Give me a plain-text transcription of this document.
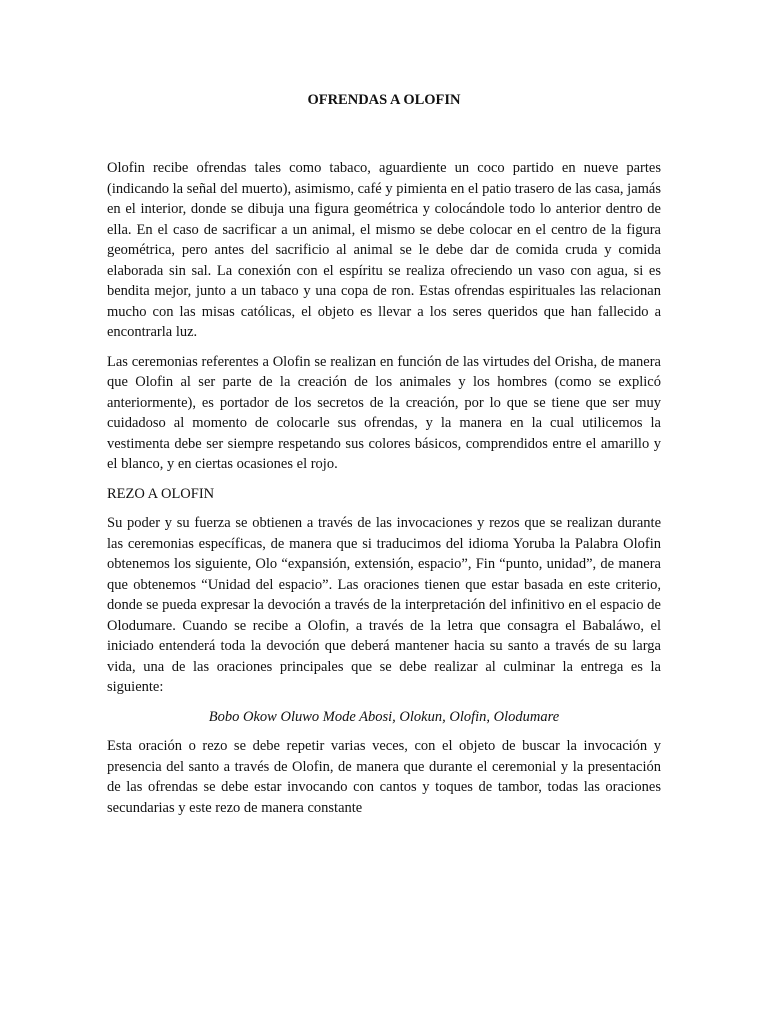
OFRENDAS A OLOFIN

Olofin recibe ofrendas tales como tabaco, aguardiente un coco partido en nueve partes (indicando la señal del muerto), asimismo, café y pimienta en el patio trasero de las casa, jamás en el interior, donde se dibuja una figura geométrica y colocándole todo lo anterior dentro de ella. En el caso de sacrificar a un animal, el mismo se debe colocar en el centro de la figura geométrica, pero antes del sacrificio al animal se le debe dar de comida cruda y comida elaborada sin sal. La conexión con el espíritu se realiza ofreciendo un vaso con agua, si es bendita mejor, junto a un tabaco y una copa de ron. Estas ofrendas espirituales las relacionan mucho con las misas católicas, el objeto es llevar a los seres queridos que han fallecido a encontrarla luz.

Las ceremonias referentes a Olofin se realizan en función de las virtudes del Orisha, de manera que Olofin al ser parte de la creación de los animales y los hombres (como se explicó anteriormente), es portador de los secretos de la creación, por lo que se tiene que ser muy cuidadoso al momento de colocarle sus ofrendas, y la manera en la cual utilicemos la vestimenta debe ser siempre respetando sus colores básicos, comprendidos entre el amarillo y el blanco, y en ciertas ocasiones el rojo.

REZO A OLOFIN

Su poder y su fuerza se obtienen a través de las invocaciones y rezos que se realizan durante las ceremonias específicas, de manera que si traducimos del idioma Yoruba la Palabra Olofin obtenemos los siguiente, Olo “expansión, extensión, espacio”, Fin “punto, unidad”, de manera que obtenemos “Unidad del espacio”. Las oraciones tienen que estar basada en este criterio, donde se pueda expresar la devoción a través de la interpretación del infinitivo en el espacio de Olodumare. Cuando se recibe a Olofin, a través de la letra que consagra el Babaláwo, el iniciado entenderá toda la devoción que deberá mantener hacia su santo a través de su larga vida, una de las oraciones principales que se debe realizar al culminar la entrega es la siguiente:

Bobo Okow Oluwo Mode Abosi, Olokun, Olofin, Olodumare

Esta oración o rezo se debe repetir varias veces, con el objeto de buscar la invocación y presencia del santo a través de Olofin, de manera que durante el ceremonial y la presentación de las ofrendas se debe estar invocando con cantos y toques de tambor, todas las oraciones secundarias y este rezo de manera constante
